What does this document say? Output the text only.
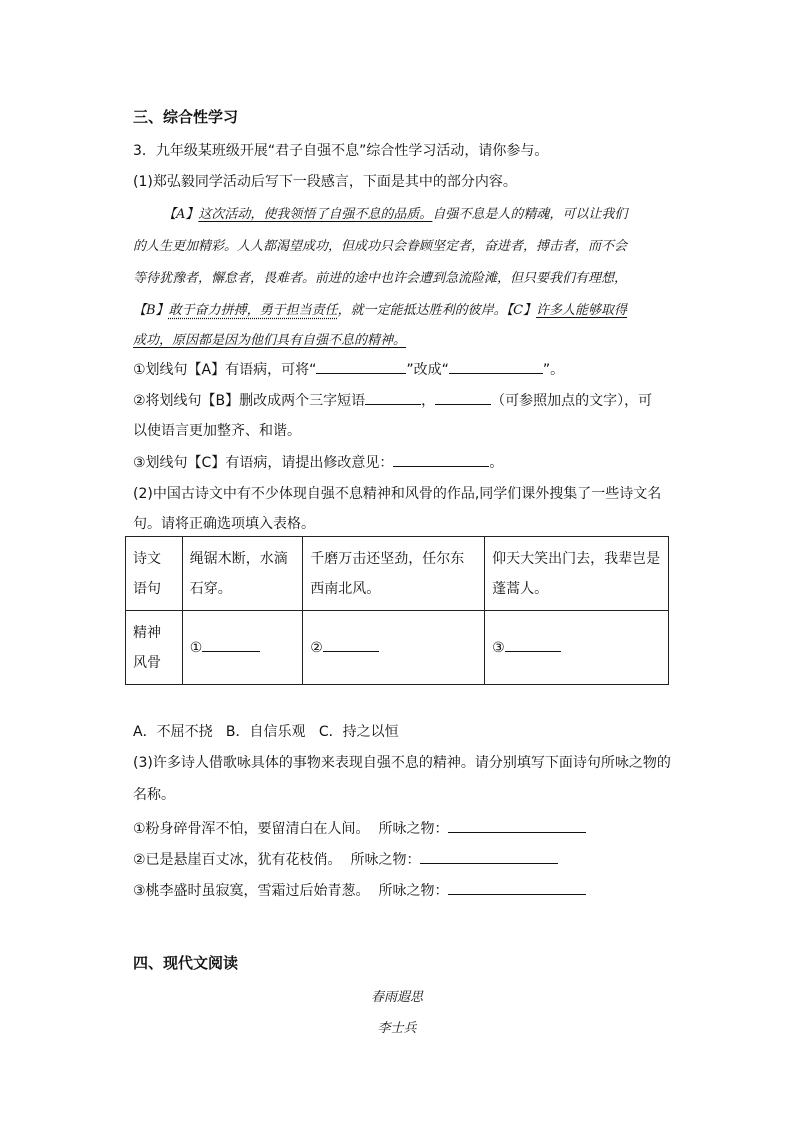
三、综合性学习
3．九年级某班级开展“君子自强不息”综合性学习活动，请你参与。
(1)郑弘毅同学活动后写下一段感言，下面是其中的部分内容。
【A】这次活动，使我领悟了自强不息的品质。自强不息是人的精魂，可以让我们
的人生更加精彩。人人都渴望成功，但成功只会眷顾坚定者，奋进者，搏击者，而不会
等待犹豫者，懈怠者，畏难者。前进的途中也许会遭到急流险滩，但只要我们有理想，
【B】敢于奋力拼搏，勇于担当责任，就一定能抵达胜利的彼岸。【C】许多人能够取得
成功，原因都是因为他们具有自强不息的精神。
①划线句【A】有语病，可将“	”改成“	”。
②将划线句【B】删改成两个三字短语	，	（可参照加点的文字），可
以使语言更加整齐、和谐。
③划线句【C】有语病，请提出修改意见：	。
(2)中国古诗文中有不少体现自强不息精神和风骨的作品,同学们课外搜集了一些诗文名
句。请将正确选项填入表格。
诗文语句	绳锯木断，水滴石穿。	千磨万击还坚劲，任尔东西南北风。	仰天大笑出门去，我辈岂是蓬蒿人。
精神风骨	①	②	③
A．不屈不挠   B．自信乐观   C．持之以恒
(3)许多诗人借歌咏具体的事物来表现自强不息的精神。请分别填写下面诗句所咏之物的
名称。
①粉身碎骨浑不怕，要留清白在人间。 所咏之物：
②已是悬崖百丈冰，犹有花枝俏。 所咏之物：
③桃李盛时虽寂寞，雪霜过后始青葱。 所咏之物：
四、现代文阅读
春雨遐思
李士兵
